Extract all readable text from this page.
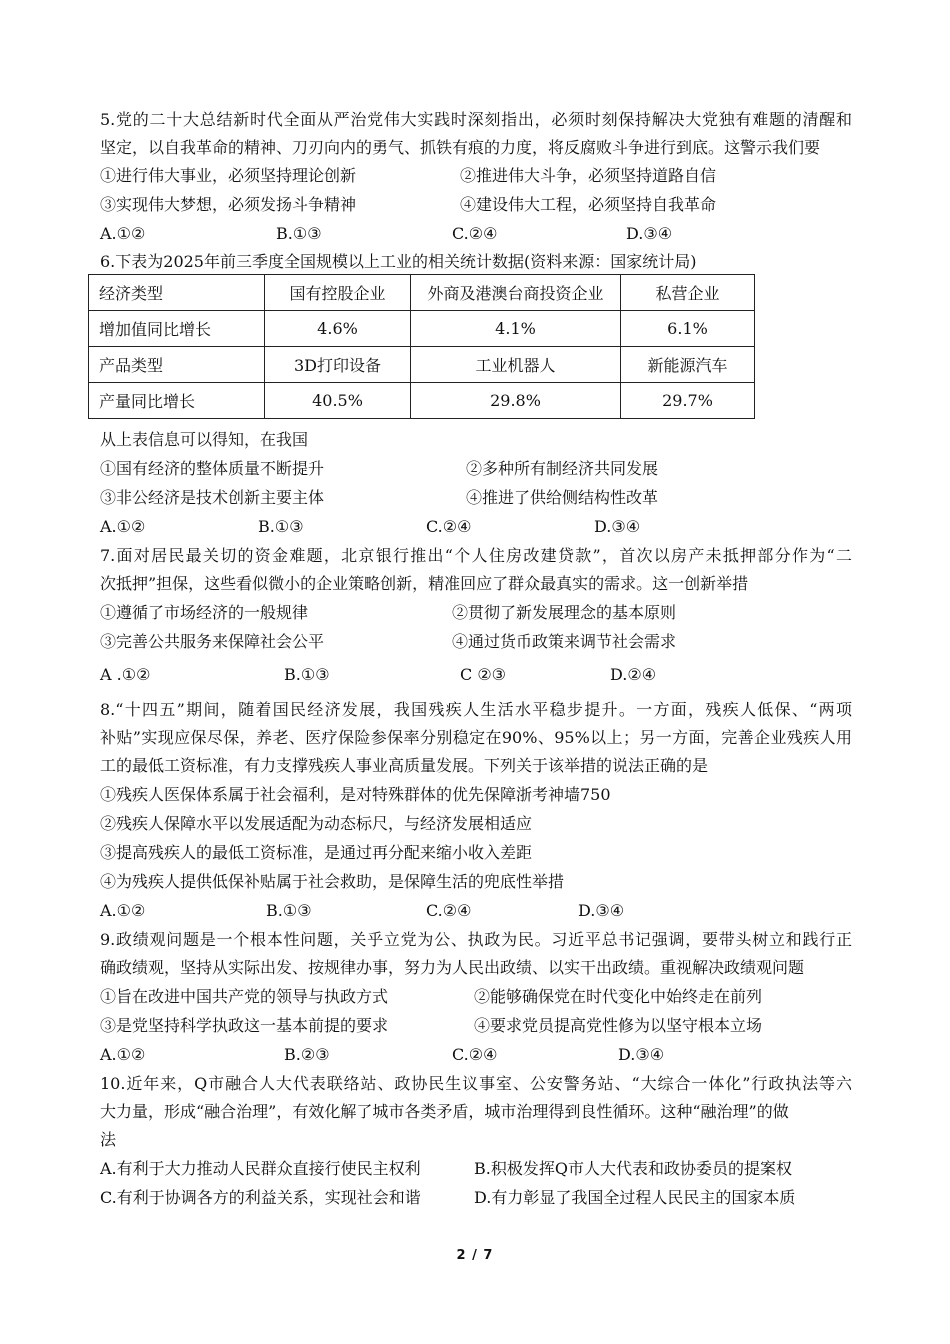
5.党的二十大总结新时代全面从严治党伟大实践时深刻指出，必须时刻保持解决大党独有难题的清醒和
坚定，以自我革命的精神、刀刃向内的勇气、抓铁有痕的力度，将反腐败斗争进行到底。这警示我们要
①进行伟大事业，必须坚持理论创新	②推进伟大斗争，必须坚持道路自信
③实现伟大梦想，必须发扬斗争精神	④建设伟大工程，必须坚持自我革命
A.①②	B.①③	C.②④	D.③④
6.下表为2025年前三季度全国规模以上工业的相关统计数据(资料来源：国家统计局)
经济类型	国有控股企业	外商及港澳台商投资企业	私营企业
增加值同比增长	4.6%	4.1%	6.1%
产品类型	3D打印设备	工业机器人	新能源汽车
产量同比增长	40.5%	29.8%	29.7%
从上表信息可以得知，在我国
①国有经济的整体质量不断提升	②多种所有制经济共同发展
③非公经济是技术创新主要主体	④推进了供给侧结构性改革
A.①②	B.①③	C.②④	D.③④
7.面对居民最关切的资金难题，北京银行推出“个人住房改建贷款”，首次以房产未抵押部分作为“二
次抵押”担保，这些看似微小的企业策略创新，精准回应了群众最真实的需求。这一创新举措
①遵循了市场经济的一般规律	②贯彻了新发展理念的基本原则
③完善公共服务来保障社会公平	④通过货币政策来调节社会需求
A .①②	B.①③	C ②③	D.②④
8.“十四五”期间，随着国民经济发展，我国残疾人生活水平稳步提升。一方面，残疾人低保、“两项
补贴”实现应保尽保，养老、医疗保险参保率分别稳定在90%、95%以上；另一方面，完善企业残疾人用
工的最低工资标准，有力支撑残疾人事业高质量发展。下列关于该举措的说法正确的是
①残疾人医保体系属于社会福利，是对特殊群体的优先保障浙考神墙750
②残疾人保障水平以发展适配为动态标尺，与经济发展相适应
③提高残疾人的最低工资标准，是通过再分配来缩小收入差距
④为残疾人提供低保补贴属于社会救助，是保障生活的兜底性举措
A.①②	B.①③	C.②④	D.③④
9.政绩观问题是一个根本性问题，关乎立党为公、执政为民。习近平总书记强调，要带头树立和践行正
确政绩观，坚持从实际出发、按规律办事，努力为人民出政绩、以实干出政绩。重视解决政绩观问题
①旨在改进中国共产党的领导与执政方式	②能够确保党在时代变化中始终走在前列
③是党坚持科学执政这一基本前提的要求	④要求党员提高党性修为以坚守根本立场
A.①②	B.②③	C.②④	D.③④
10.近年来，Q市融合人大代表联络站、政协民生议事室、公安警务站、“大综合一体化”行政执法等六
大力量，形成“融合治理”，有效化解了城市各类矛盾，城市治理得到良性循环。这种“融治理”的做
法
A.有利于大力推动人民群众直接行使民主权利	B.积极发挥Q市人大代表和政协委员的提案权
C.有利于协调各方的利益关系，实现社会和谐	D.有力彰显了我国全过程人民民主的国家本质
2 / 7
